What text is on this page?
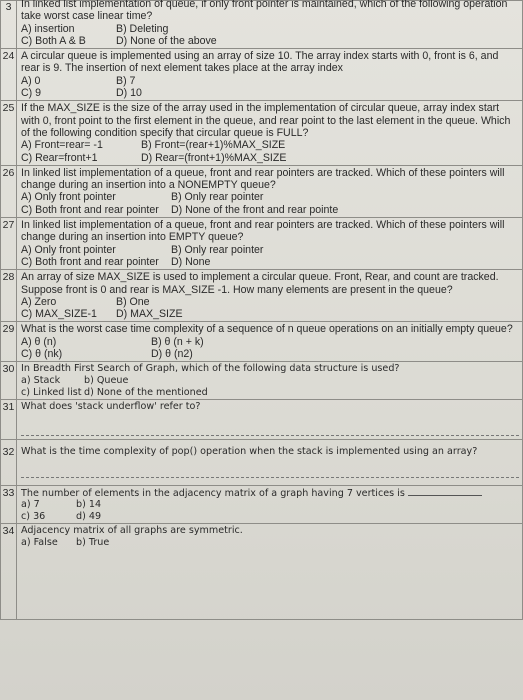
3	In linked list implementation of queue, if only front pointer is maintained, which of the following operation take worst case linear time?
A) insertion B) Deleting
C) Both A & B D) None of the above

24	A circular queue is implemented using an array of size 10. The array index starts with 0, front is 6, and rear is 9. The insertion of next element takes place at the array index
A) 0 B) 7
C) 9 D) 10

25	If the MAX_SIZE is the size of the array used in the implementation of circular queue, array index start with 0, front point to the first element in the queue, and rear point to the last element in the queue. Which of the following condition specify that circular queue is FULL?
A) Front=rear= -1 B) Front=(rear+1)%MAX_SIZE
C) Rear=front+1 D) Rear=(front+1)%MAX_SIZE

26	In linked list implementation of a queue, front and rear pointers are tracked. Which of these pointers will change during an insertion into a NONEMPTY queue?
A) Only front pointer B) Only rear pointer
C) Both front and rear pointer D) None of the front and rear pointe

27	In linked list implementation of a queue, front and rear pointers are tracked. Which of these pointers will change during an insertion into EMPTY queue?
A) Only front pointer B) Only rear pointer
C) Both front and rear pointer D) None

28	An array of size MAX_SIZE is used to implement a circular queue. Front, Rear, and count are tracked. Suppose front is 0 and rear is MAX_SIZE -1. How many elements are present in the queue?
A) Zero B) One
C) MAX_SIZE-1 D) MAX_SIZE

29	What is the worst case time complexity of a sequence of n queue operations on an initially empty queue?
A) θ (n) B) θ (n + k)
C) θ (nk) D) θ (n2)

30	In Breadth First Search of Graph, which of the following data structure is used?
a) Stack b) Queue
c) Linked list d) None of the mentioned

31	What does 'stack underflow' refer to?

32	What is the time complexity of pop() operation when the stack is implemented using an array?

33	The number of elements in the adjacency matrix of a graph having 7 vertices is
a) 7 b) 14
c) 36 d) 49

34	Adjacency matrix of all graphs are symmetric.
a) False b) True
